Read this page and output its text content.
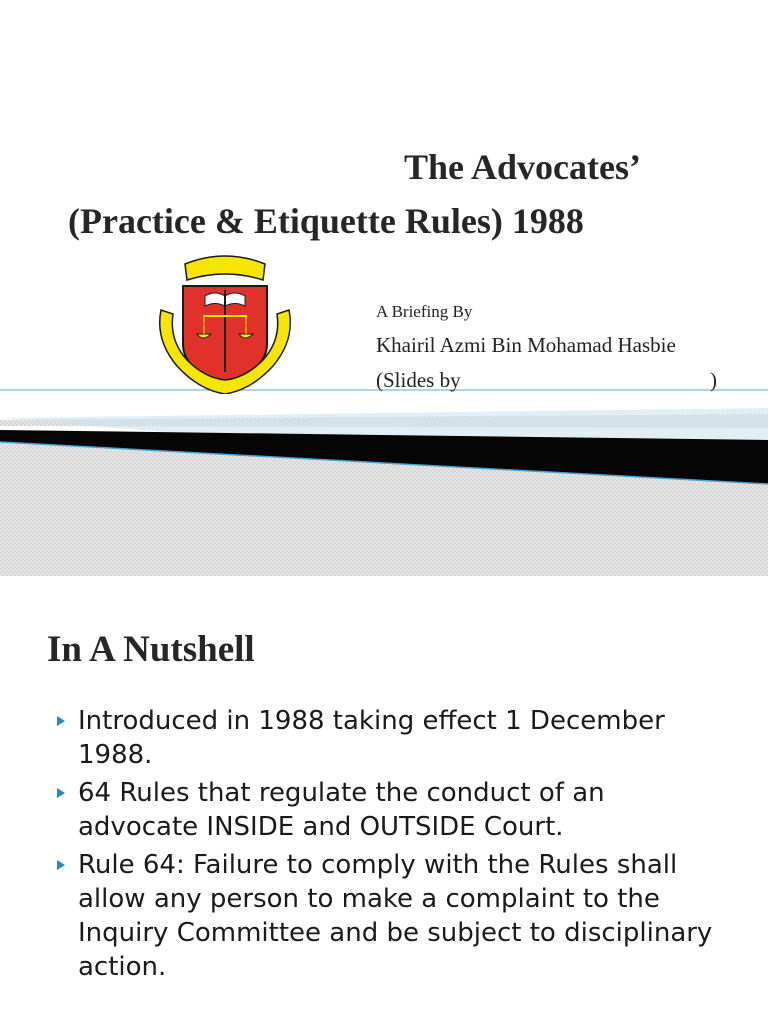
The Advocates’
(Practice & Etiquette Rules) 1988
A Briefing By
Khairil Azmi Bin Mohamad Hasbie
(Slides by	)
In A Nutshell
Introduced in 1988 taking effect 1 December 1988.
64 Rules that regulate the conduct of an advocate INSIDE and OUTSIDE Court.
Rule 64: Failure to comply with the Rules shall allow any person to make a complaint to the Inquiry Committee and be subject to disciplinary action.
